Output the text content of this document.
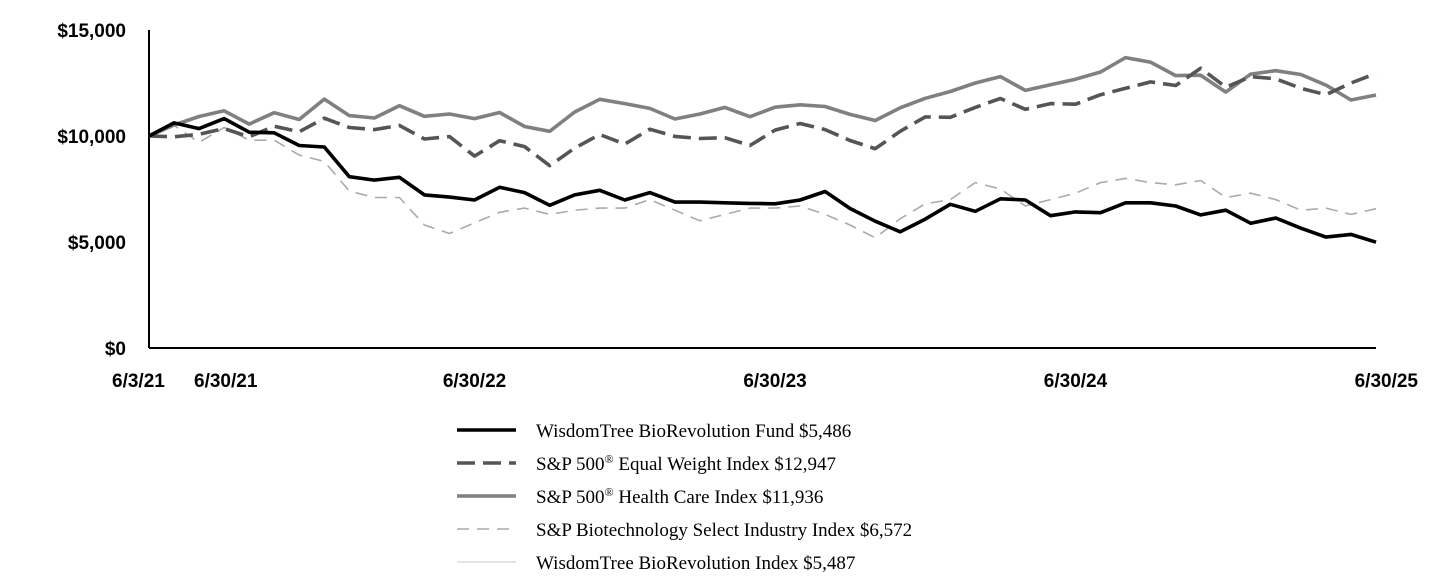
$15,000
$10,000
$5,000
$0
6/3/21 6/30/21	6/30/22	6/30/23	6/30/24	6/30/25
WisdomTree BioRevolution Fund $5,486
S&P 500® Equal Weight Index $12,947
S&P 500® Health Care Index $11,936
S&P Biotechnology Select Industry Index $6,572
WisdomTree BioRevolution Index $5,487
